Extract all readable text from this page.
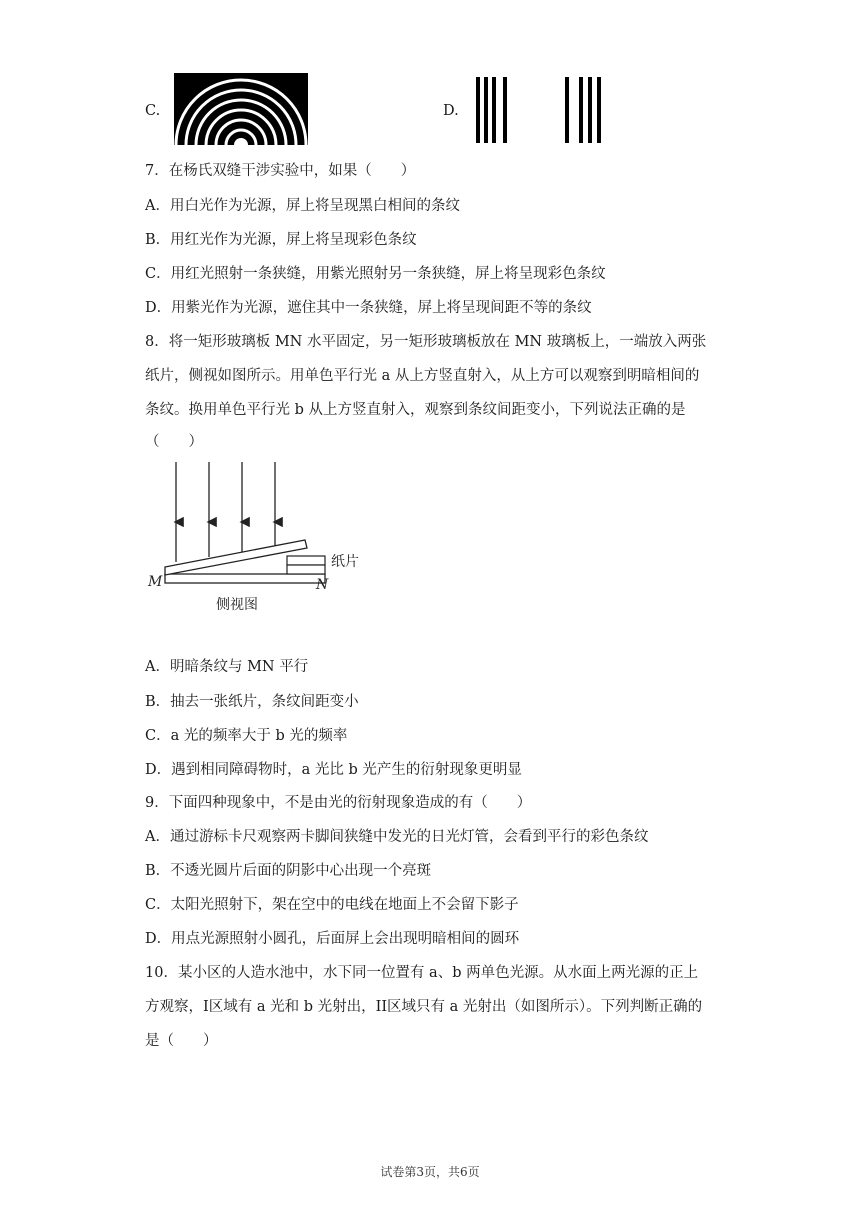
C.	D.
7．在杨氏双缝干涉实验中，如果（　　）
A．用白光作为光源，屏上将呈现黑白相间的条纹
B．用红光作为光源，屏上将呈现彩色条纹
C．用红光照射一条狭缝，用紫光照射另一条狭缝，屏上将呈现彩色条纹
D．用紫光作为光源，遮住其中一条狭缝，屏上将呈现间距不等的条纹
8．将一矩形玻璃板 MN 水平固定，另一矩形玻璃板放在 MN 玻璃板上，一端放入两张
纸片，侧视如图所示。用单色平行光 a 从上方竖直射入，从上方可以观察到明暗相间的
条纹。换用单色平行光 b 从上方竖直射入，观察到条纹间距变小，下列说法正确的是
（　　）
纸片
M	N
侧视图
A．明暗条纹与 MN 平行
B．抽去一张纸片，条纹间距变小
C．a 光的频率大于 b 光的频率
D．遇到相同障碍物时，a 光比 b 光产生的衍射现象更明显
9．下面四种现象中，不是由光的衍射现象造成的有（　　）
A．通过游标卡尺观察两卡脚间狭缝中发光的日光灯管，会看到平行的彩色条纹
B．不透光圆片后面的阴影中心出现一个亮斑
C．太阳光照射下，架在空中的电线在地面上不会留下影子
D．用点光源照射小圆孔，后面屏上会出现明暗相间的圆环
10．某小区的人造水池中，水下同一位置有 a、b 两单色光源。从水面上两光源的正上
方观察，I区域有 a 光和 b 光射出，II区域只有 a 光射出（如图所示）。下列判断正确的
是（　　）
试卷第3页，共6页
